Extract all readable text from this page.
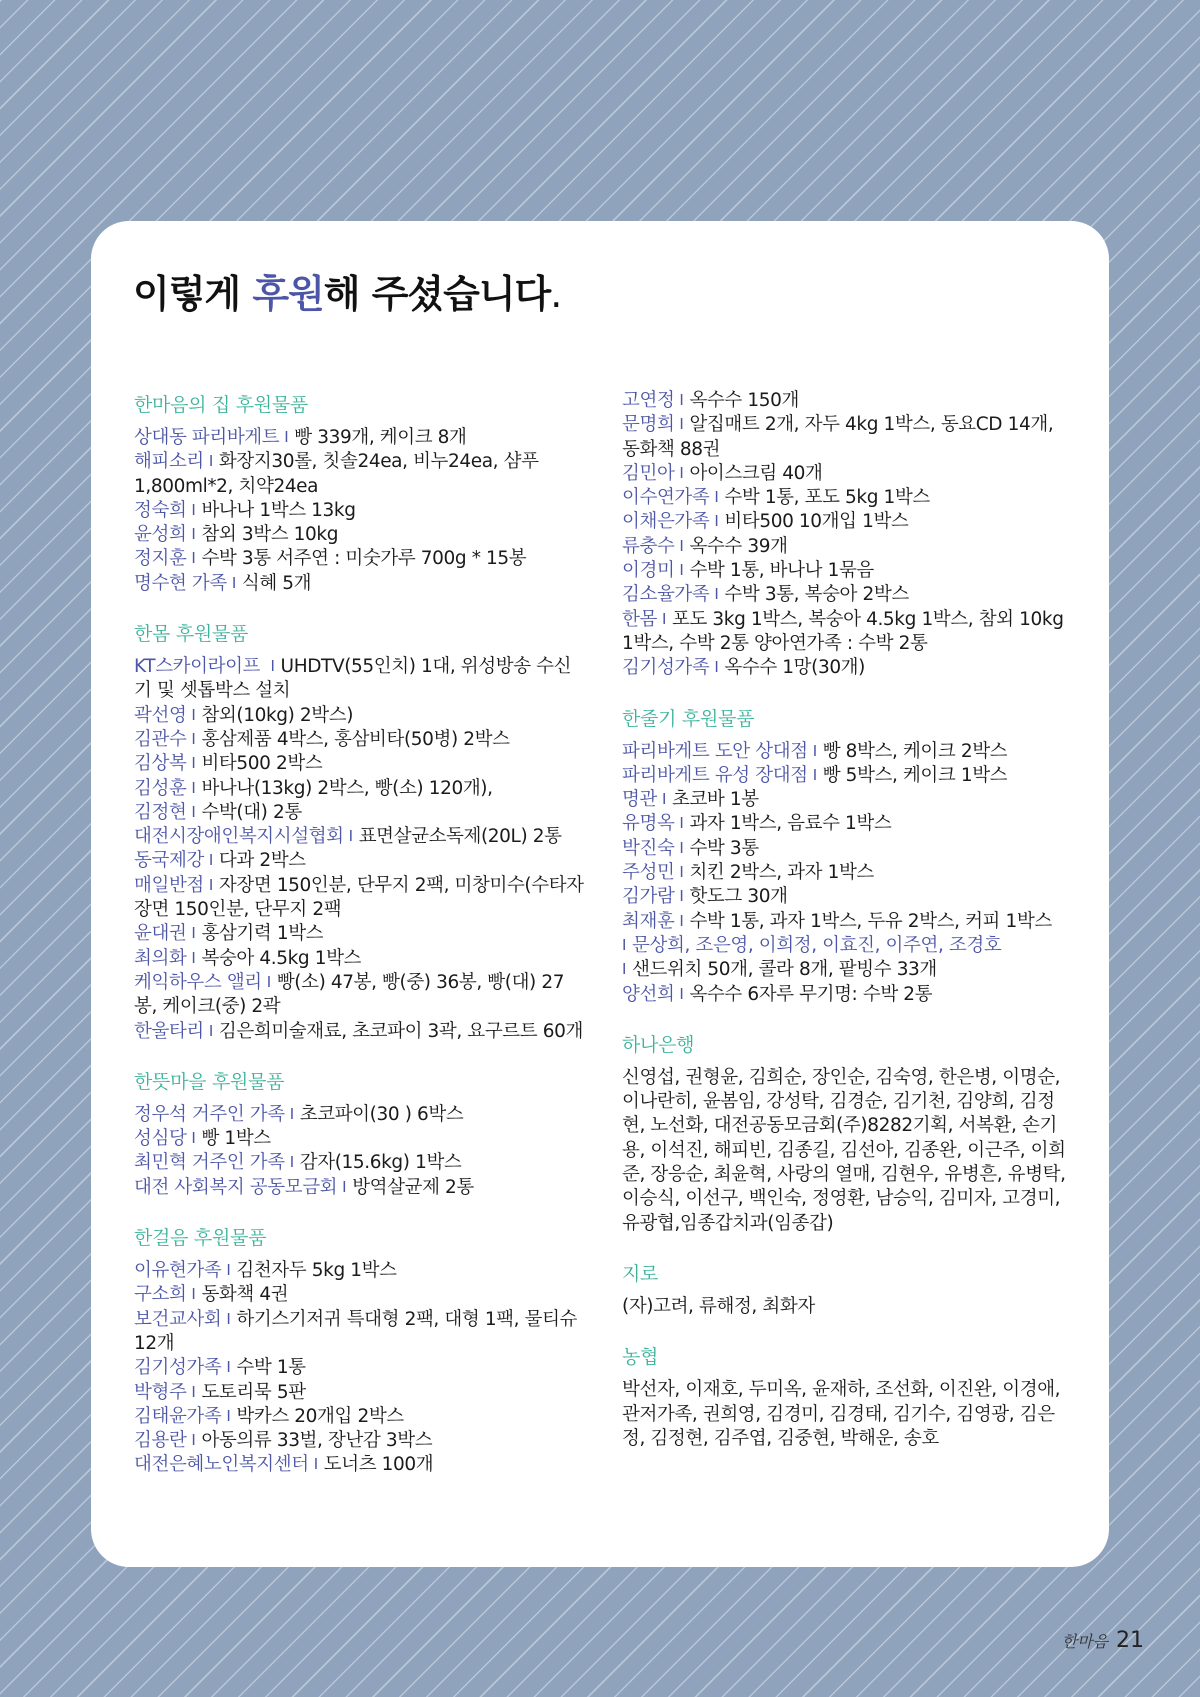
이렇게 후원해 주셨습니다.
한마음의 집 후원물품

상대동 파리바게트 I 빵 339개, 케이크 8개

해피소리 I 화장지30롤, 칫솔24ea, 비누24ea, 샴푸 1,800ml*2, 치약24ea

정숙희 I 바나나 1박스 13kg

윤성희 I 참외 3박스 10kg

정지훈 I 수박 3통 서주연 : 미숫가루 700g * 15봉

명수현 가족 I 식혜 5개

한몸 후원물품

KT스카이라이프 I UHDTV(55인치) 1대, 위성방송 수신기 및 셋톱박스 설치

곽선영 I 참외(10kg) 2박스)

김관수 I 홍삼제품 4박스, 홍삼비타(50병) 2박스

김상복 I 비타500 2박스

김성훈 I 바나나(13kg) 2박스, 빵(소) 120개),

김정현 I 수박(대) 2통

대전시장애인복지시설협회 I 표면살균소독제(20L) 2통

동국제강 I 다과 2박스

매일반점 I 자장면 150인분, 단무지 2팩, 미창미수(수타자장면 150인분, 단무지 2팩

윤대권 I 홍삼기력 1박스

최의화 I 복숭아 4.5kg 1박스

케익하우스 앨리 I 빵(소) 47봉, 빵(중) 36봉, 빵(대) 27봉, 케이크(중) 2곽

한울타리 I 김은희미술재료, 초코파이 3곽, 요구르트 60개

한뜻마을 후원물품

정우석 거주인 가족 I 초코파이(30 ) 6박스

성심당 I 빵 1박스

최민혁 거주인 가족 I 감자(15.6kg) 1박스

대전 사회복지 공동모금회 I 방역살균제 2통

한걸음 후원물품

이유현가족 I 김천자두 5kg 1박스

구소희 I 동화책 4권

보건교사회 I 하기스기저귀 특대형 2팩, 대형 1팩, 물티슈 12개

김기성가족 I 수박 1통

박형주 I 도토리묵 5판

김태윤가족 I 박카스 20개입 2박스

김용란 I 아동의류 33벌, 장난감 3박스

대전은혜노인복지센터 I 도너츠 100개

고연정 I 옥수수 150개

문명희 I 알집매트 2개, 자두 4kg 1박스, 동요CD 14개, 동화책 88권

김민아 I 아이스크림 40개

이수연가족 I 수박 1통, 포도 5kg 1박스

이채은가족 I 비타500 10개입 1박스

류충수 I 옥수수 39개

이경미 I 수박 1통, 바나나 1묶음

김소율가족 I 수박 3통, 복숭아 2박스

한몸 I 포도 3kg 1박스, 복숭아 4.5kg 1박스, 참외 10kg 1박스, 수박 2통 양아연가족 : 수박 2통

김기성가족 I 옥수수 1망(30개)

한줄기 후원물품

파리바게트 도안 상대점 I 빵 8박스, 케이크 2박스

파리바게트 유성 장대점 I 빵 5박스, 케이크 1박스

명관 I 초코바 1봉

유명옥 I 과자 1박스, 음료수 1박스

박진숙 I 수박 3통

주성민 I 치킨 2박스, 과자 1박스

김가람 I 핫도그 30개

최재훈 I 수박 1통, 과자 1박스, 두유 2박스, 커피 1박스

I 문상희, 조은영, 이희정, 이효진, 이주연, 조경호
I 샌드위치 50개, 콜라 8개, 팥빙수 33개

양선희 I 옥수수 6자루 무기명: 수박 2통

하나은행

신영섭, 권형윤, 김희순, 장인순, 김숙영, 한은병, 이명순, 이나란히, 윤봄임, 강성탁, 김경순, 김기천, 김양희, 김정현, 노선화, 대전공동모금회(주)8282기획, 서복환, 손기용, 이석진, 해피빈, 김종길, 김선아, 김종완, 이근주, 이희준, 장응순, 최윤혁, 사랑의 열매, 김현우, 유병흔, 유병탁, 이승식, 이선구, 백인숙, 정영환, 남승익, 김미자, 고경미, 유광협,임종갑치과(임종갑)

지로

(자)고려, 류해정, 최화자

농협

박선자, 이재호, 두미옥, 윤재하, 조선화, 이진완, 이경애, 관저가족, 권희영, 김경미, 김경태, 김기수, 김영광, 김은정, 김정현, 김주엽, 김중현, 박해운, 송호

한마음 21
